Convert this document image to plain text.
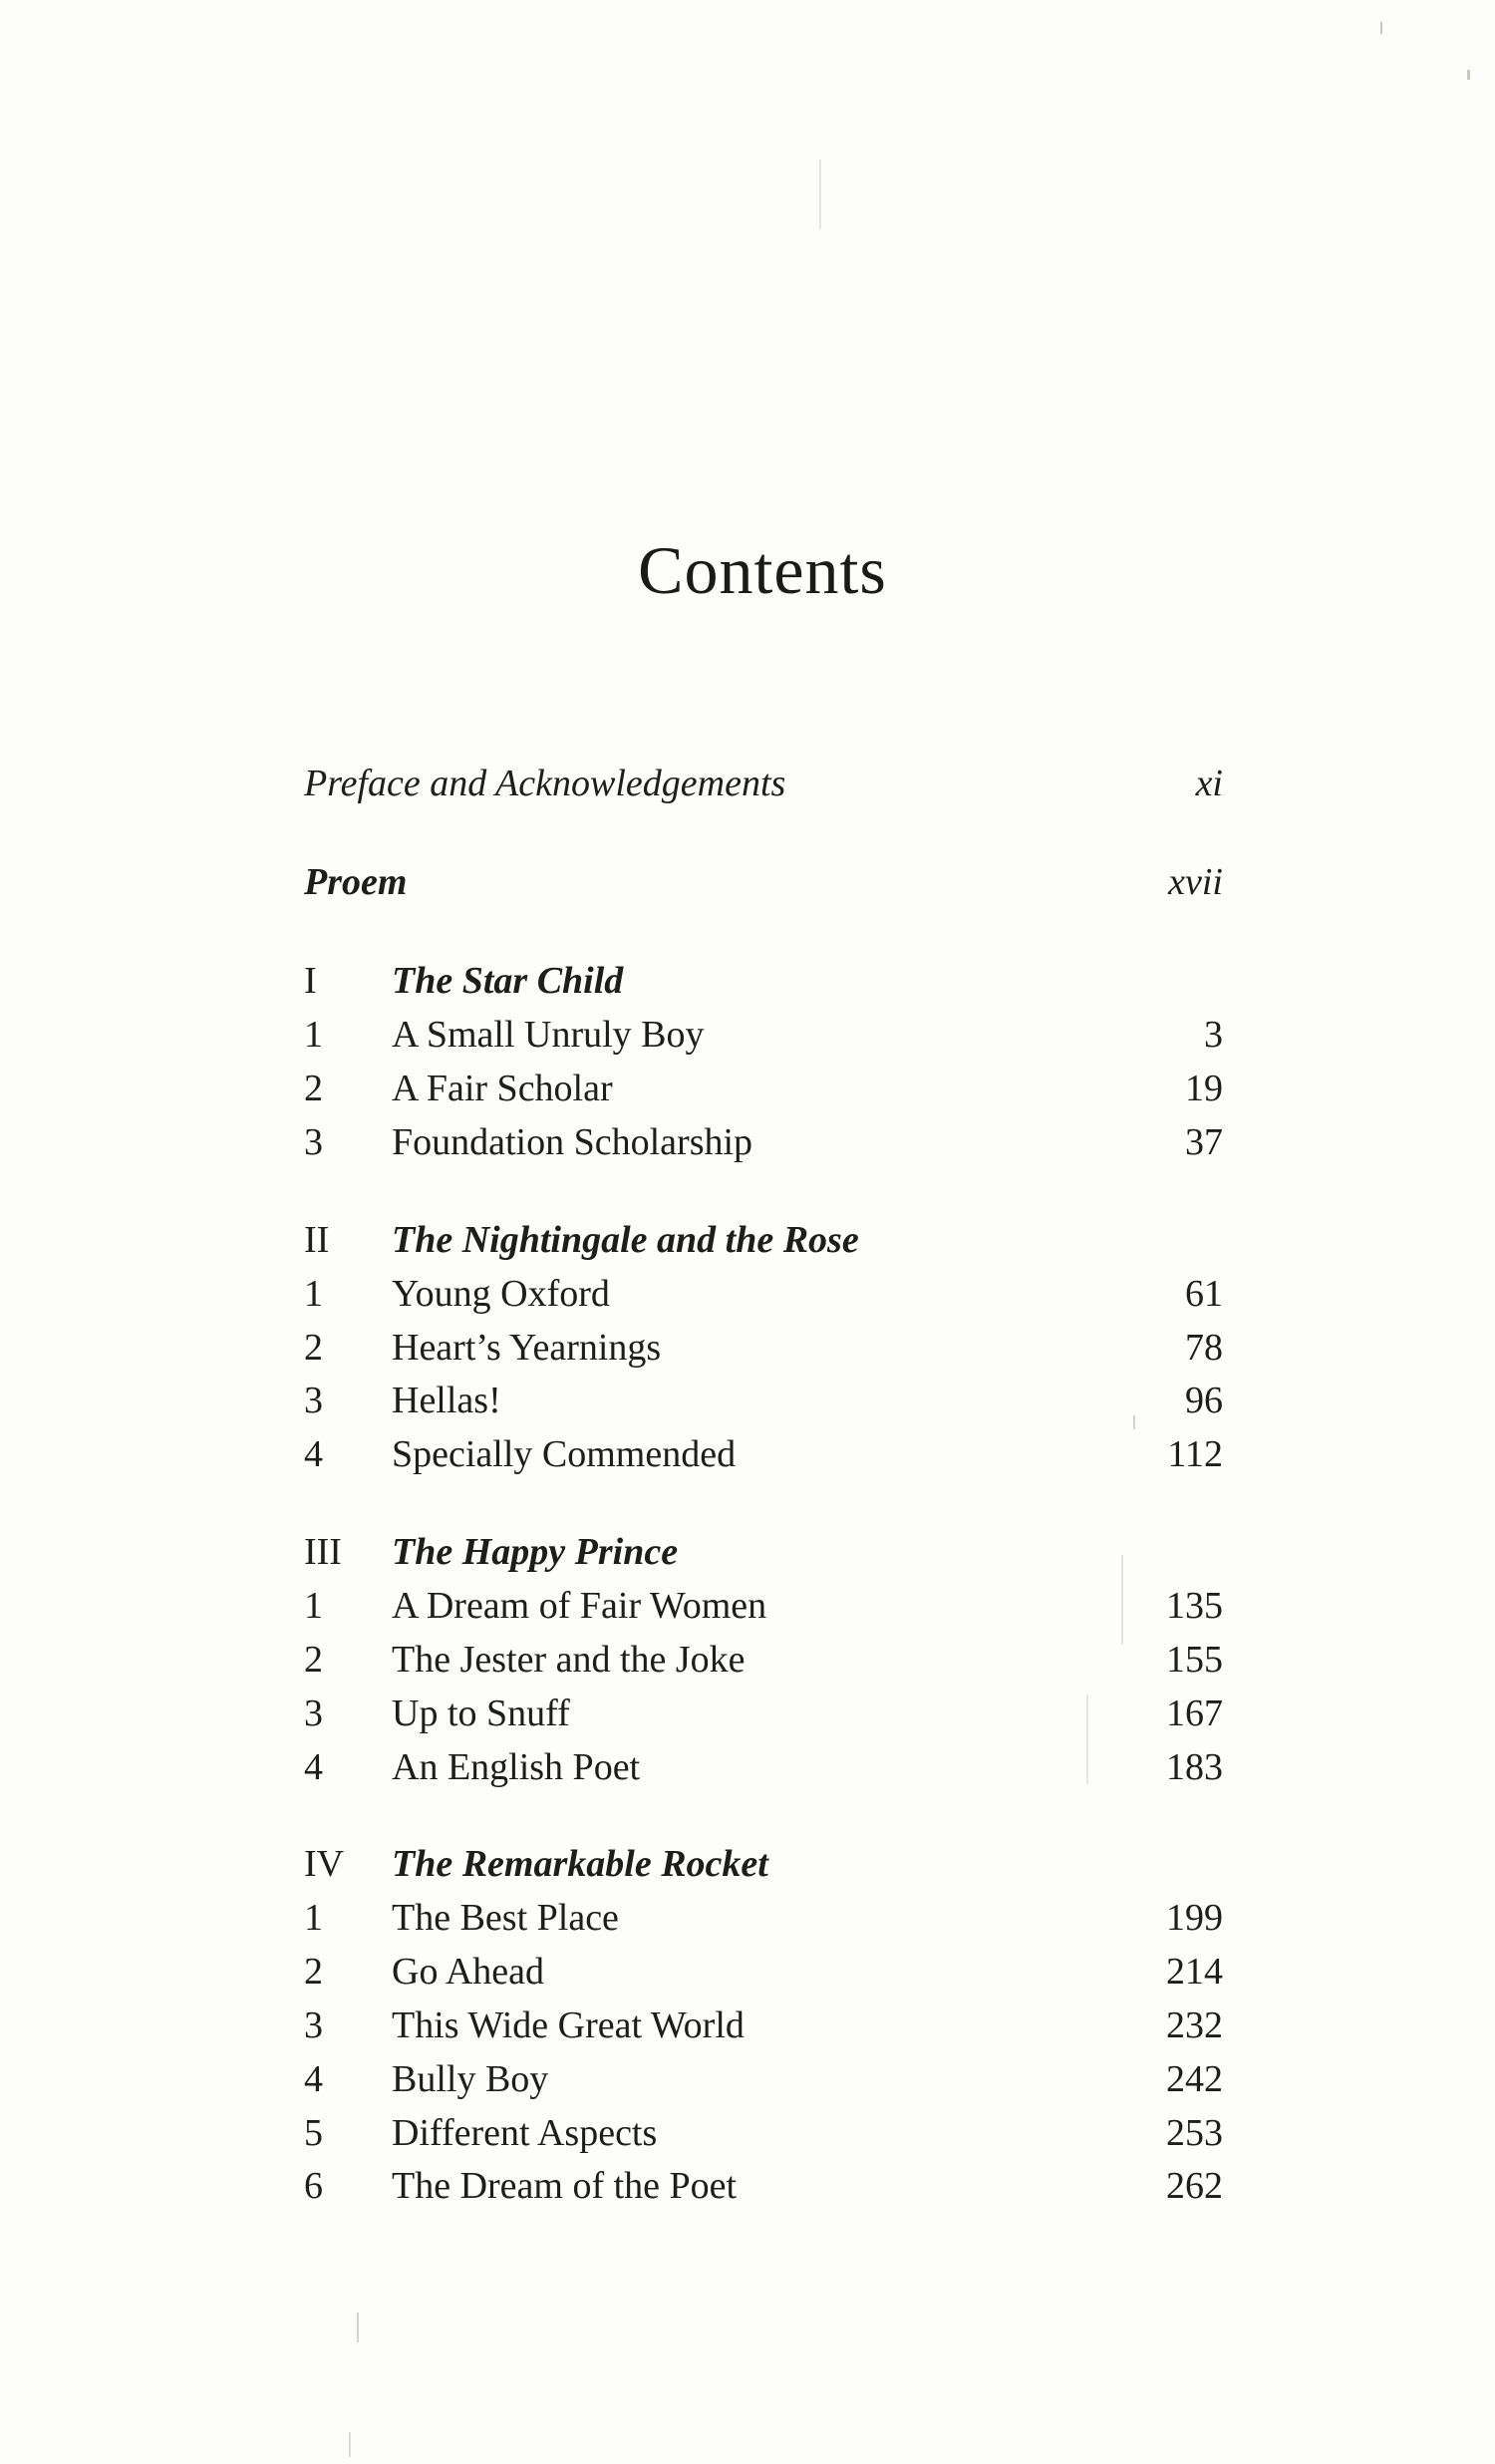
Contents
Preface and Acknowledgements	xi
Proem	xvii
I The Star Child
1 A Small Unruly Boy	3
2 A Fair Scholar	19
3 Foundation Scholarship	37
II The Nightingale and the Rose
1 Young Oxford	61
2 Heart’s Yearnings	78
3 Hellas!	96
4 Specially Commended	112
III The Happy Prince
1 A Dream of Fair Women	135
2 The Jester and the Joke	155
3 Up to Snuff	167
4 An English Poet	183
IV The Remarkable Rocket
1 The Best Place	199
2 Go Ahead	214
3 This Wide Great World	232
4 Bully Boy	242
5 Different Aspects	253
6 The Dream of the Poet	262
